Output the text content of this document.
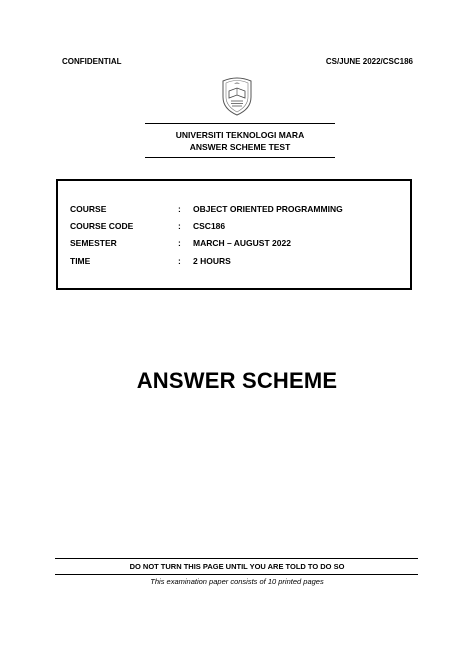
CONFIDENTIAL	CS/JUNE 2022/CSC186
UNIVERSITI TEKNOLOGI MARA
ANSWER SCHEME TEST
COURSE	: OBJECT ORIENTED PROGRAMMING
COURSE CODE	: CSC186
SEMESTER	: MARCH – AUGUST 2022
TIME	: 2 HOURS
ANSWER SCHEME
DO NOT TURN THIS PAGE UNTIL YOU ARE TOLD TO DO SO
This examination paper consists of 10 printed pages
